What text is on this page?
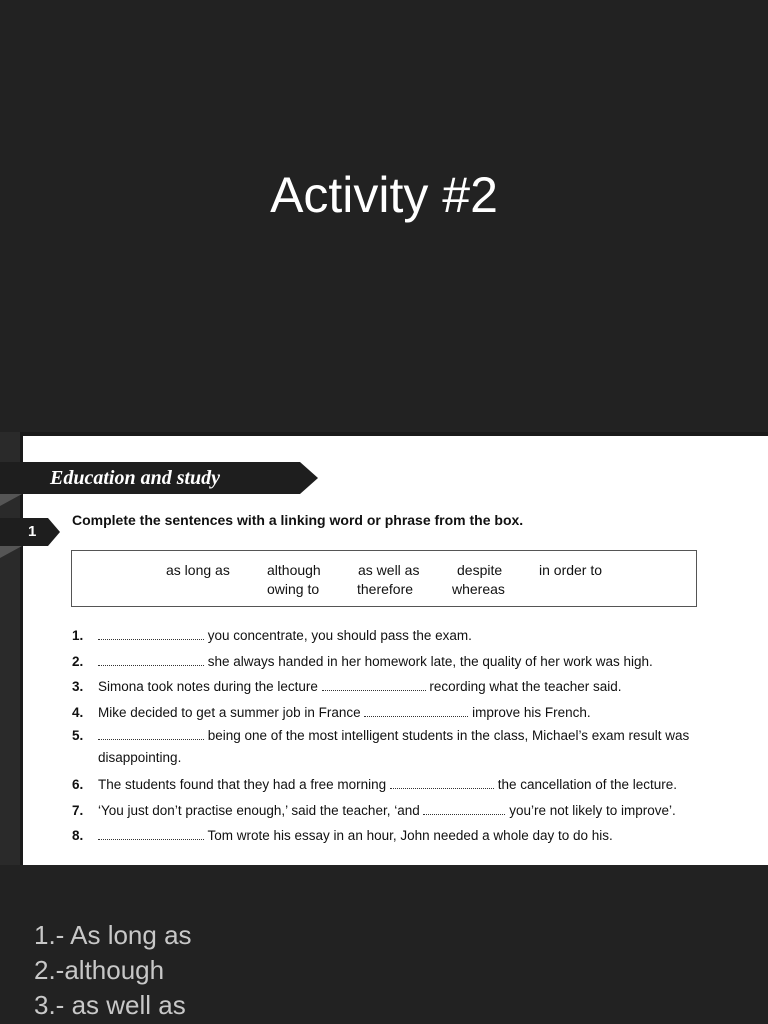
Activity #2
Education and study
1
Complete the sentences with a linking word or phrase from the box.
as long as	although	as well as	despite	in order to
owing to	therefore	whereas
1.	you concentrate, you should pass the exam.
2.	she always handed in her homework late, the quality of her work was high.
3. Simona took notes during the lecture	recording what the teacher said.
4. Mike decided to get a summer job in France	improve his French.
5.	being one of the most intelligent students in the class, Michael’s exam result was disappointing.
6. The students found that they had a free morning	the cancellation of the lecture.
7. ‘You just don’t practise enough,’ said the teacher, ‘and	you’re not likely to improve’.
8.	Tom wrote his essay in an hour, John needed a whole day to do his.
1.- As long as
2.-although
3.- as well as
